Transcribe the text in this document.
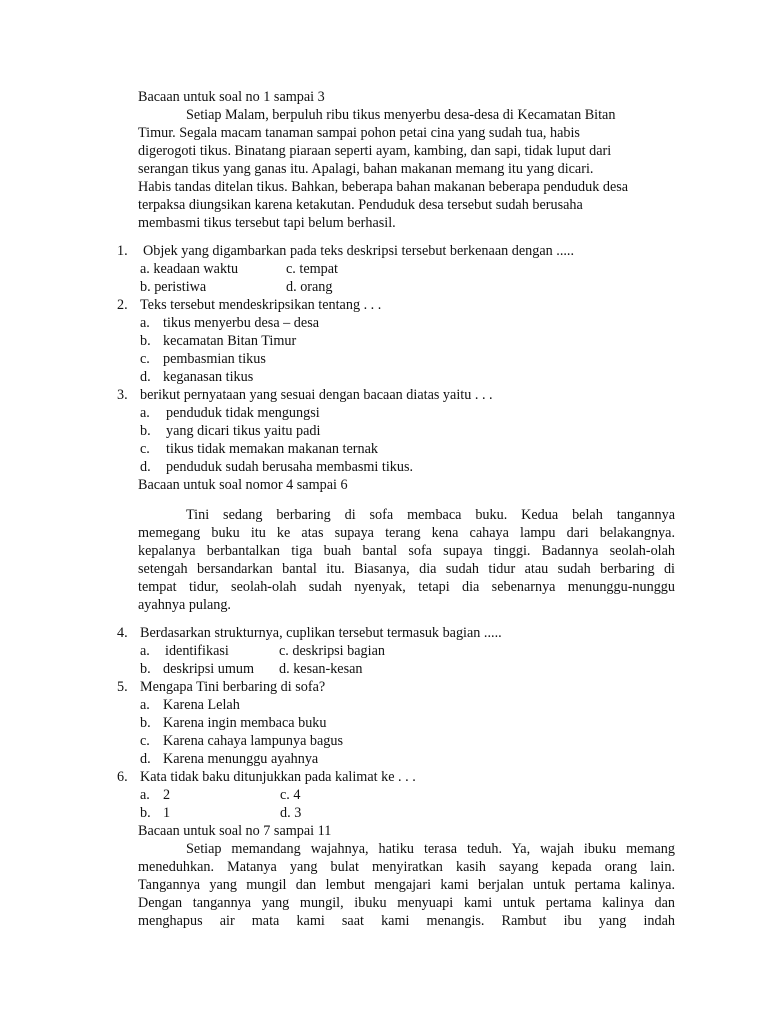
Bacaan untuk soal no 1 sampai 3
Setiap Malam, berpuluh ribu tikus menyerbu desa-desa di Kecamatan Bitan
Timur. Segala macam tanaman sampai pohon petai cina yang sudah tua, habis
digerogoti tikus. Binatang piaraan seperti ayam, kambing, dan sapi, tidak luput dari
serangan tikus yang ganas itu. Apalagi, bahan makanan memang itu yang dicari.
Habis tandas ditelan tikus. Bahkan, beberapa bahan makanan beberapa penduduk desa
terpaksa diungsikan karena ketakutan. Penduduk desa tersebut sudah berusaha
membasmi tikus tersebut tapi belum berhasil.
1. Objek yang digambarkan pada teks deskripsi tersebut berkenaan dengan .....
a. keadaan waktu	c. tempat
b. peristiwa	d. orang
2. Teks tersebut mendeskripsikan tentang . . .
a. tikus menyerbu desa – desa
b. kecamatan Bitan Timur
c. pembasmian tikus
d. keganasan tikus
3. berikut pernyataan yang sesuai dengan bacaan diatas yaitu . . .
a. penduduk tidak mengungsi
b. yang dicari tikus yaitu padi
c. tikus tidak memakan makanan ternak
d. penduduk sudah berusaha membasmi tikus.
Bacaan untuk soal nomor 4 sampai 6
Tini sedang berbaring di sofa membaca buku. Kedua belah tangannya
memegang buku itu ke atas supaya terang kena cahaya lampu dari belakangnya.
kepalanya berbantalkan tiga buah bantal sofa supaya tinggi. Badannya seolah-olah
setengah bersandarkan bantal itu. Biasanya, dia sudah tidur atau sudah berbaring di
tempat tidur, seolah-olah sudah nyenyak, tetapi dia sebenarnya menunggu-nunggu
ayahnya pulang.
4. Berdasarkan strukturnya, cuplikan tersebut termasuk bagian .....
a. identifikasi	c. deskripsi bagian
b. deskripsi umum d. kesan-kesan
5. Mengapa Tini berbaring di sofa?
a. Karena Lelah
b. Karena ingin membaca buku
c. Karena cahaya lampunya bagus
d. Karena menunggu ayahnya
6. Kata tidak baku ditunjukkan pada kalimat ke . . .
a. 2	c. 4
b. 1	d. 3
Bacaan untuk soal no 7 sampai 11
Setiap memandang wajahnya, hatiku terasa teduh. Ya, wajah ibuku memang
meneduhkan. Matanya yang bulat menyiratkan kasih sayang kepada orang lain.
Tangannya yang mungil dan lembut mengajari kami berjalan untuk pertama kalinya.
Dengan tangannya yang mungil, ibuku menyuapi kami untuk pertama kalinya dan
menghapus air mata kami saat kami menangis. Rambut ibu yang indah
